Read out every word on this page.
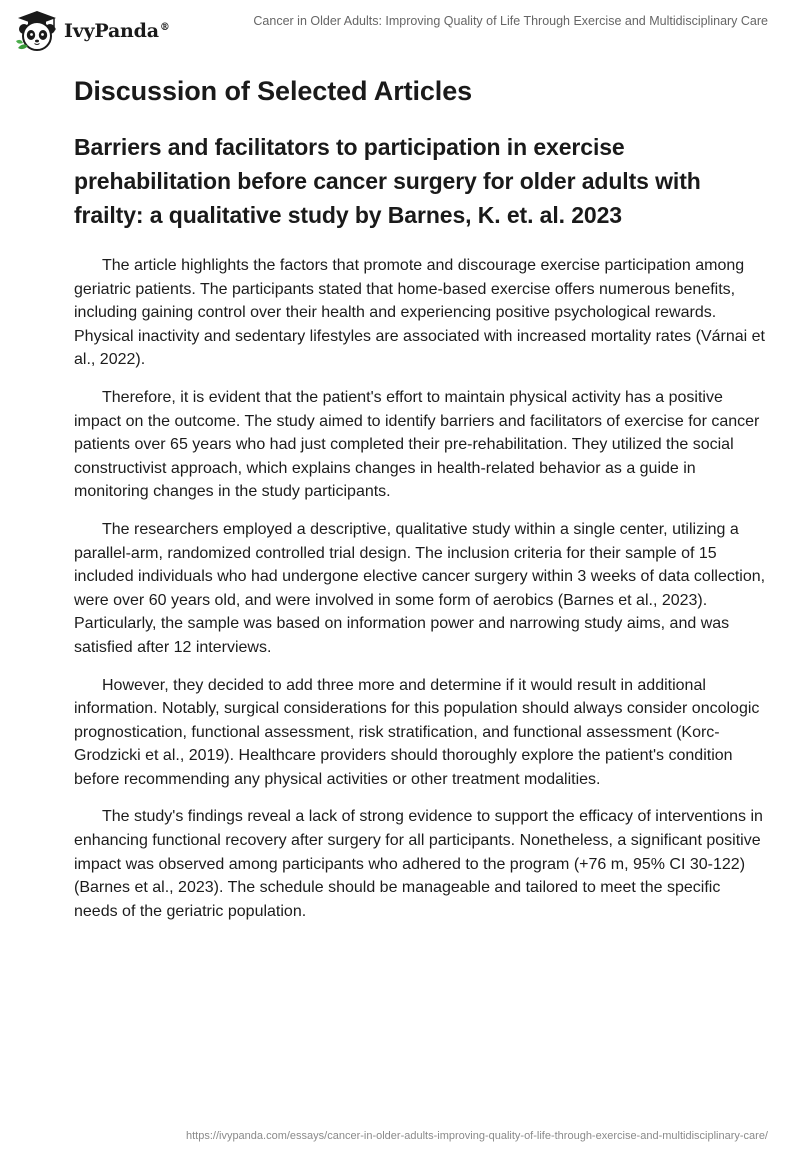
IvyPanda®	Cancer in Older Adults: Improving Quality of Life Through Exercise and Multidisciplinary Care
Discussion of Selected Articles
Barriers and facilitators to participation in exercise prehabilitation before cancer surgery for older adults with frailty: a qualitative study by Barnes, K. et. al. 2023

The article highlights the factors that promote and discourage exercise participation among geriatric patients. The participants stated that home-based exercise offers numerous benefits, including gaining control over their health and experiencing positive psychological rewards. Physical inactivity and sedentary lifestyles are associated with increased mortality rates (Várnai et al., 2022).

Therefore, it is evident that the patient's effort to maintain physical activity has a positive impact on the outcome. The study aimed to identify barriers and facilitators of exercise for cancer patients over 65 years who had just completed their pre-rehabilitation. They utilized the social constructivist approach, which explains changes in health-related behavior as a guide in monitoring changes in the study participants.

The researchers employed a descriptive, qualitative study within a single center, utilizing a parallel-arm, randomized controlled trial design. The inclusion criteria for their sample of 15 included individuals who had undergone elective cancer surgery within 3 weeks of data collection, were over 60 years old, and were involved in some form of aerobics (Barnes et al., 2023). Particularly, the sample was based on information power and narrowing study aims, and was satisfied after 12 interviews.

However, they decided to add three more and determine if it would result in additional information. Notably, surgical considerations for this population should always consider oncologic prognostication, functional assessment, risk stratification, and functional assessment (Korc-Grodzicki et al., 2019). Healthcare providers should thoroughly explore the patient's condition before recommending any physical activities or other treatment modalities.

The study's findings reveal a lack of strong evidence to support the efficacy of interventions in enhancing functional recovery after surgery for all participants. Nonetheless, a significant positive impact was observed among participants who adhered to the program (+76 m, 95% CI 30-122) (Barnes et al., 2023). The schedule should be manageable and tailored to meet the specific needs of the geriatric population.

https://ivypanda.com/essays/cancer-in-older-adults-improving-quality-of-life-through-exercise-and-multidisciplinary-care/
